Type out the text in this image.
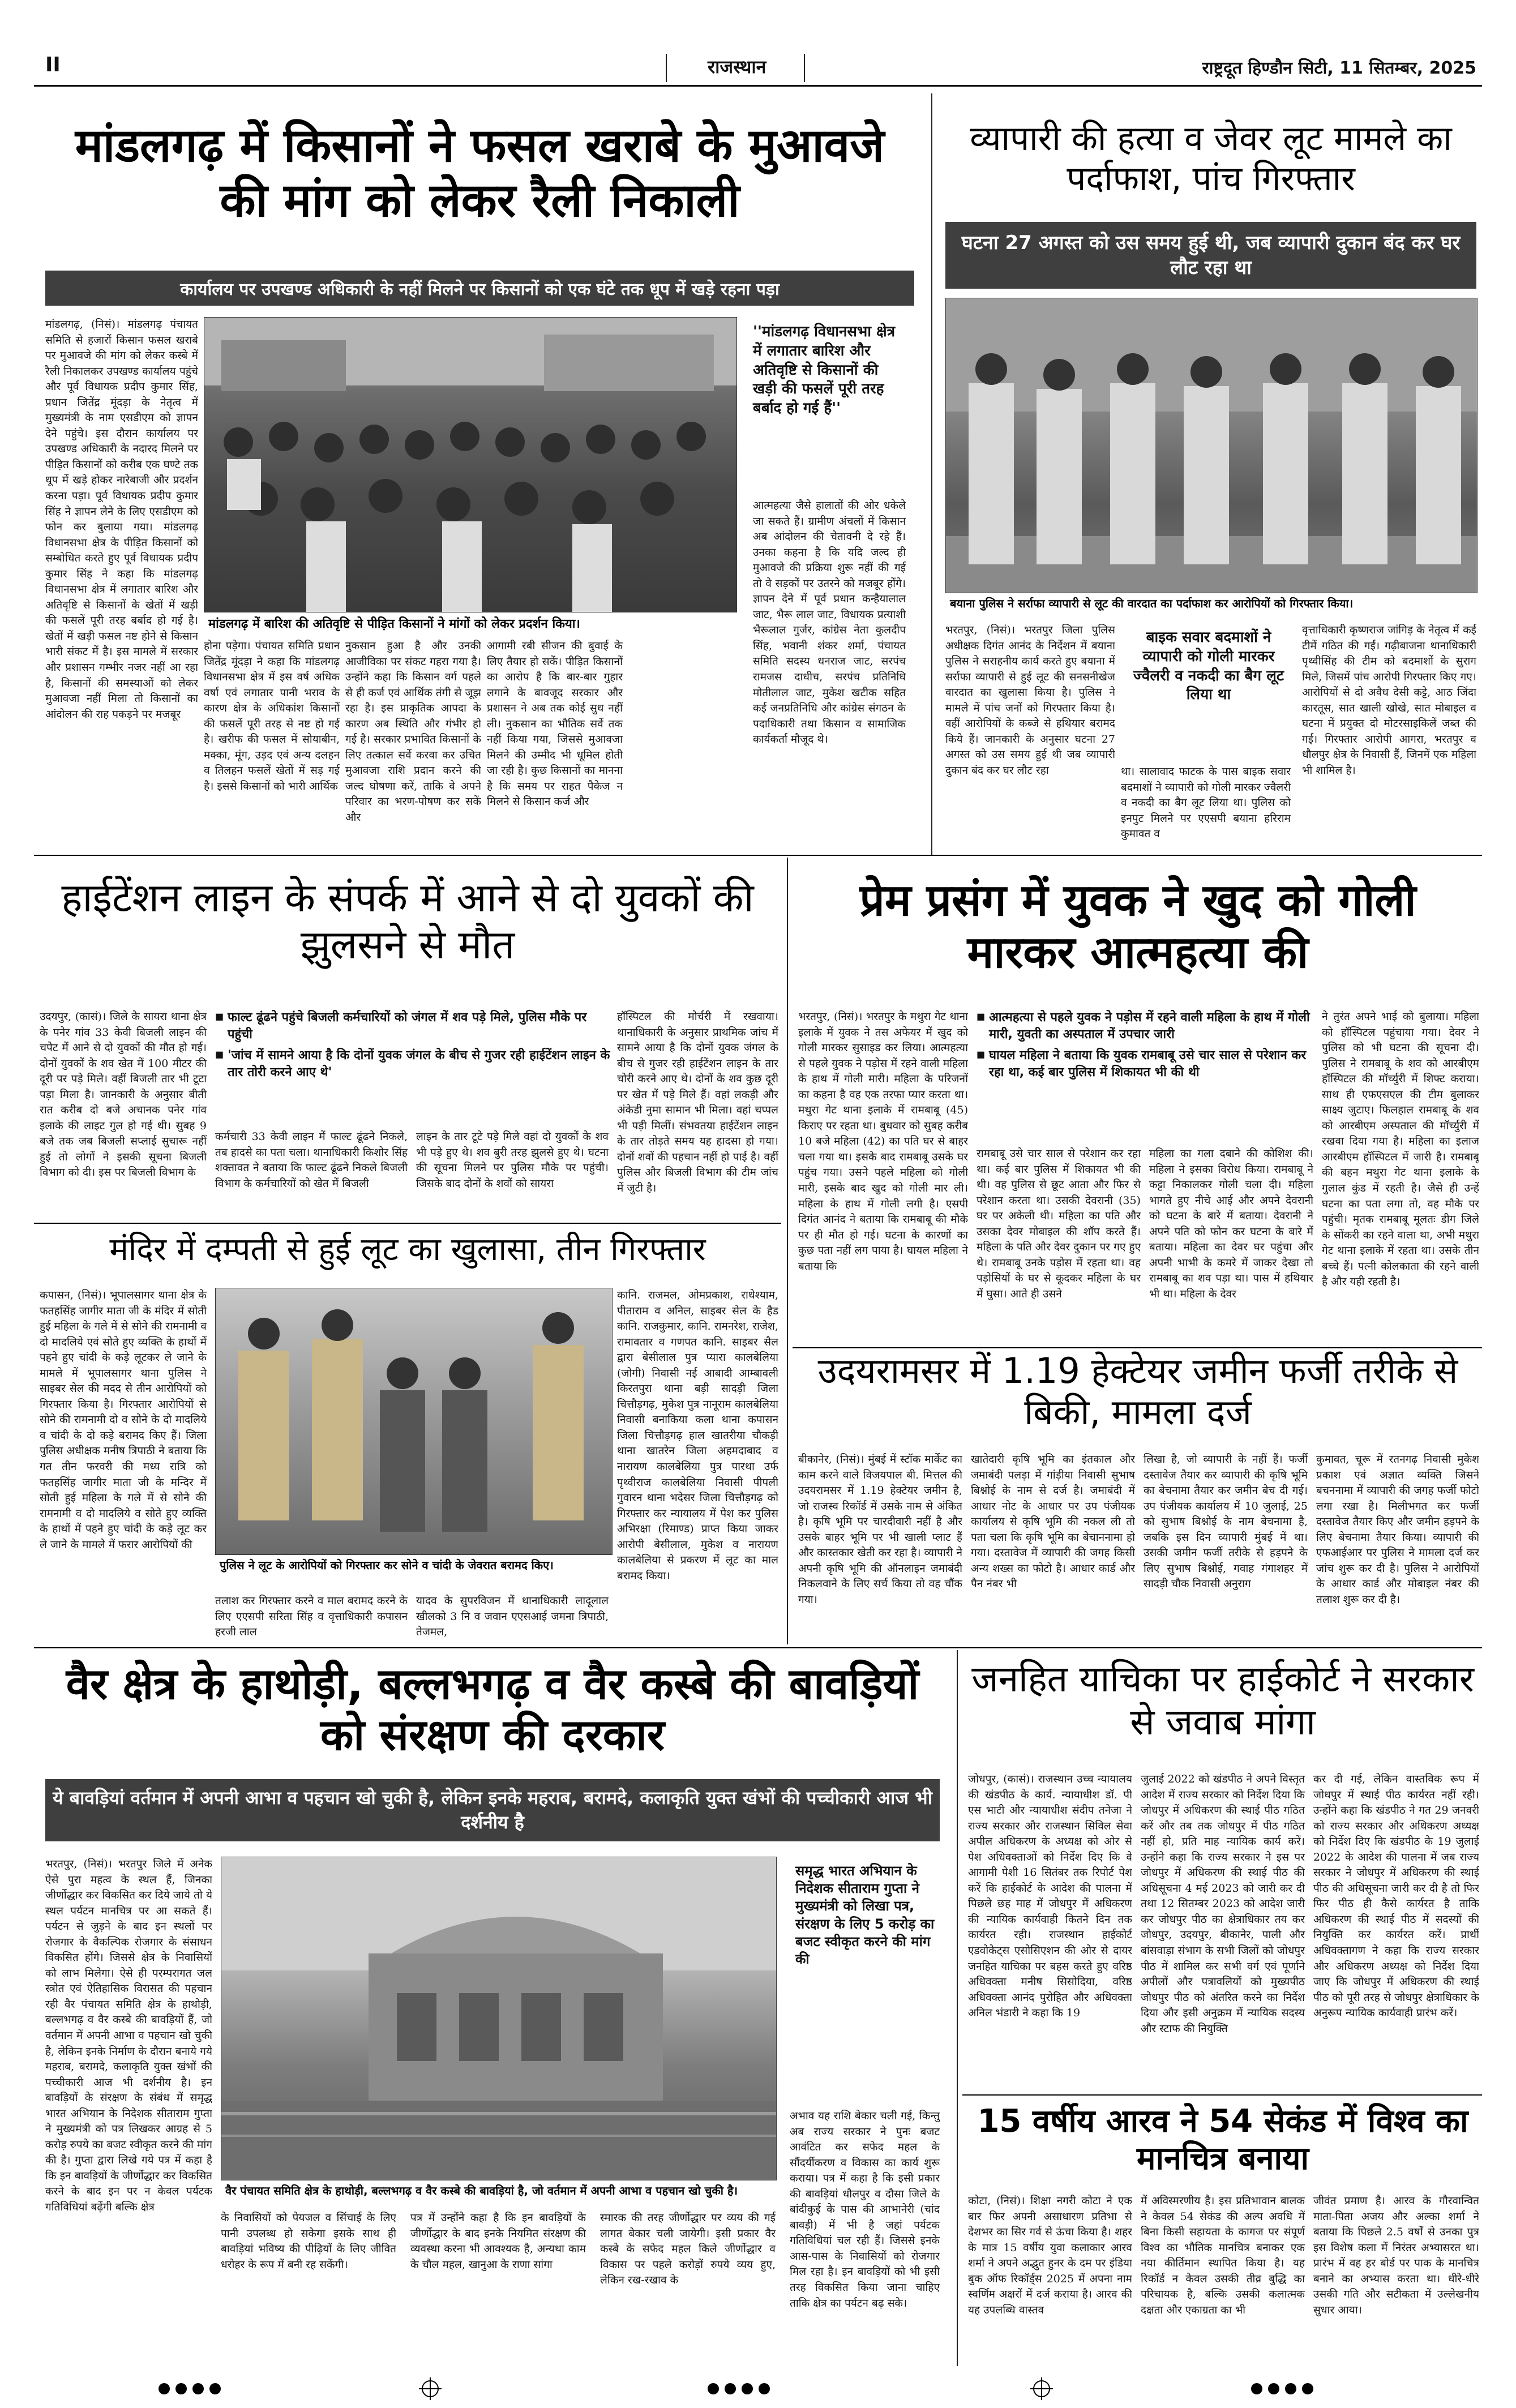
II	राजस्थान	राष्ट्रदूत हिण्डौन सिटी, 11 सितम्बर, 2025
मांडलगढ़ में किसानों ने फसल खराबे के मुआवजे की मांग को लेकर रैली निकाली
कार्यालय पर उपखण्ड अधिकारी के नहीं मिलने पर किसानों को एक घंटे तक धूप में खड़े रहना पड़ा
मांडलगढ़ में बारिश की अतिवृष्टि से पीड़ित किसानों ने मांगों को लेकर प्रदर्शन किया।
''मांडलगढ़ विधानसभा क्षेत्र में लगातार बारिश और अतिवृष्टि से किसानों की खड़ी की फसलें पूरी तरह बर्बाद हो गई हैं''
मांडलगढ़, (निसं)। मांडलगढ़ पंचायत समिति से हजारों किसान फसल खराबे पर मुआवजे की मांग को लेकर कस्बे में रैली निकालकर उपखण्ड कार्यालय पहुंचे और पूर्व विधायक प्रदीप कुमार सिंह, प्रधान जितेंद्र मूंदड़ा के नेतृत्व में मुख्यमंत्री के नाम एसडीएम को ज्ञापन देने पहुंचे। इस दौरान कार्यालय पर उपखण्ड अधिकारी के नदारद मिलने पर पीड़ित किसानों को करीब एक घण्टे तक धूप में खड़े होकर नारेबाजी और प्रदर्शन करना पड़ा। पूर्व विधायक प्रदीप कुमार सिंह ने ज्ञापन लेने के लिए एसडीएम को फोन कर बुलाया गया। मांडलगढ़ विधानसभा क्षेत्र के पीड़ित किसानों को सम्बोधित करते हुए पूर्व विधायक प्रदीप कुमार सिंह ने कहा कि मांडलगढ़ विधानसभा क्षेत्र में लगातार बारिश और अतिवृष्टि से किसानों के खेतों में खड़ी की फसलें पूरी तरह बर्बाद हो गई है। खेतों में खड़ी फसल नष्ट होने से किसान भारी संकट में है। इस मामले में सरकार और प्रशासन गम्भीर नजर नहीं आ रहा है, किसानों की समस्याओं को लेकर मुआवजा नहीं मिला तो किसानों का आंदोलन की राह पकड़ने पर मजबूर
होना पड़ेगा। पंचायत समिति प्रधान जितेंद्र मूंदड़ा ने कहा कि मांडलगढ़ विधानसभा क्षेत्र में इस वर्ष अधिक वर्षा एवं लगातार पानी भराव के कारण क्षेत्र के अधिकांश किसानों की फसलें पूरी तरह से नष्ट हो गई है। खरीफ की फसल में सोयाबीन, मक्का, मूंग, उड़द एवं अन्य दलहन व तिलहन फसलें खेतों में सड़ गई है। इससे किसानों को भारी आर्थिक
नुकसान हुआ है और उनकी आजीविका पर संकट गहरा गया है। उन्होंने कहा कि किसान वर्ग पहले से ही कर्ज एवं आर्थिक तंगी से जूझ रहा है। इस प्राकृतिक आपदा के कारण अब स्थिति और गंभीर हो गई है। सरकार प्रभावित किसानों के लिए तत्काल सर्वे करवा कर उचित मुआवजा राशि प्रदान करने की जल्द घोषणा करें, ताकि वे अपने परिवार का भरण-पोषण कर सकें और
आगामी रबी सीजन की बुवाई के लिए तैयार हो सकें। पीड़ित किसानों का आरोप है कि बार-बार गुहार लगाने के बावजूद सरकार और प्रशासन ने अब तक कोई सुध नहीं ली। नुकसान का भौतिक सर्वे तक नहीं किया गया, जिससे मुआवजा मिलने की उम्मीद भी धूमिल होती जा रही है। कुछ किसानों का मानना है कि समय पर राहत पैकेज न मिलने से किसान कर्ज और
आत्महत्या जैसे हालातों की ओर धकेले जा सकते हैं। ग्रामीण अंचलों में किसान अब आंदोलन की चेतावनी दे रहे हैं। उनका कहना है कि यदि जल्द ही मुआवजे की प्रक्रिया शुरू नहीं की गई तो वे सड़कों पर उतरने को मजबूर होंगे। ज्ञापन देने में पूर्व प्रधान कन्हैयालाल जाट, भैरू लाल जाट, विधायक प्रत्याशी भैरूलाल गुर्जर, कांग्रेस नेता कुलदीप सिंह, भवानी शंकर शर्मा, पंचायत समिति सदस्य धनराज जाट, सरपंच रामजस दाधीच, सरपंच प्रतिनिधि मोतीलाल जाट, मुकेश खटीक सहित कई जनप्रतिनिधि और कांग्रेस संगठन के पदाधिकारी तथा किसान व सामाजिक कार्यकर्ता मौजूद थे।
व्यापारी की हत्या व जेवर लूट मामले का पर्दाफाश, पांच गिरफ्तार
घटना 27 अगस्त को उस समय हुई थी, जब व्यापारी दुकान बंद कर घर लौट रहा था
बयाना पुलिस ने सर्राफा व्यापारी से लूट की वारदात का पर्दाफाश कर आरोपियों को गिरफ्तार किया।
भरतपुर, (निसं)। भरतपुर जिला पुलिस अधीक्षक दिगंत आनंद के निर्देशन में बयाना पुलिस ने सराहनीय कार्य करते हुए बयाना में सर्राफा व्यापारी से हुई लूट की सनसनीखेज वारदात का खुलासा किया है। पुलिस ने मामले में पांच जनों को गिरफ्तार किया है। वहीं आरोपियों के कब्जे से हथियार बरामद किये हैं। जानकारी के अनुसार घटना 27 अगस्त को उस समय हुई थी जब व्यापारी दुकान बंद कर घर लौट रहा
बाइक सवार बदमाशों ने व्यापारी को गोली मारकर ज्वैलरी व नकदी का बैग लूट लिया था
था। सालावाद फाटक के पास बाइक सवार बदमाशों ने व्यापारी को गोली मारकर ज्वैलरी व नकदी का बैग लूट लिया था। पुलिस को इनपुट मिलने पर एएसपी बयाना हरिराम कुमावत व
वृत्ताधिकारी कृष्णराज जांगिड़ के नेतृत्व में कई टीमें गठित की गईं। गढ़ीबाजना थानाधिकारी पृथ्वीसिंह की टीम को बदमाशों के सुराग मिले, जिसमें पांच आरोपी गिरफ्तार किए गए। आरोपियों से दो अवैध देसी कट्टे, आठ जिंदा कारतूस, सात खाली खोखे, सात मोबाइल व घटना में प्रयुक्त दो मोटरसाइकिलें जब्त की गई। गिरफ्तार आरोपी आगरा, भरतपुर व धौलपुर क्षेत्र के निवासी हैं, जिनमें एक महिला भी शामिल है।
हाईटेंशन लाइन के संपर्क में आने से दो युवकों की झुलसने से मौत

■ फाल्ट ढूंढने पहुंचे बिजली कर्मचारियों को जंगल में शव पड़े मिले, पुलिस मौके पर पहुंची

■ 'जांच में सामने आया है कि दोनों युवक जंगल के बीच से गुजर रही हाईटेंशन लाइन के तार तोरी करने आए थे'

उदयपुर, (कासं)। जिले के सायरा थाना क्षेत्र के पनेर गांव 33 केवी बिजली लाइन की चपेट में आने से दो युवकों की मौत हो गई। दोनों युवकों के शव खेत में 100 मीटर की दूरी पर पड़े मिले। वहीं बिजली तार भी टूटा पड़ा मिला है। जानकारी के अनुसार बीती रात करीब दो बजे अचानक पनेर गांव इलाके की लाइट गुल हो गई थी। सुबह 9 बजे तक जब बिजली सप्लाई सुचारू नहीं हुई तो लोगों ने इसकी सूचना बिजली विभाग को दी। इस पर बिजली विभाग के
कर्मचारी 33 केवी लाइन में फाल्ट ढूंढने निकले, तब हादसे का पता चला। थानाधिकारी किशोर सिंह शक्तावत ने बताया कि फाल्ट ढूंढने निकले बिजली विभाग के कर्मचारियों को खेत में बिजली
लाइन के तार टूटे पड़े मिले वहां दो युवकों के शव भी पड़े हुए थे। शव बुरी तरह झुलसे हुए थे। घटना की सूचना मिलने पर पुलिस मौके पर पहुंची। जिसके बाद दोनों के शवों को सायरा
हॉस्पिटल की मोर्चरी में रखवाया। थानाधिकारी के अनुसार प्राथमिक जांच में सामने आया है कि दोनों युवक जंगल के बीच से गुजर रही हाईटेंशन लाइन के तार चोरी करने आए थे। दोनों के शव कुछ दूरी पर खेत में पड़े मिले हैं। वहां लकड़ी और अंकेडी नुमा सामान भी मिला। वहां चप्पल भी पड़ी मिलीं। संभवतया हाईटेंशन लाइन के तार तोड़ते समय यह हादसा हो गया। दोनों शवों की पहचान नहीं हो पाई है। वहीं पुलिस और बिजली विभाग की टीम जांच में जुटी है।
मंदिर में दम्पती से हुई लूट का खुलासा, तीन गिरफ्तार
पुलिस ने लूट के आरोपियों को गिरफ्तार कर सोने व चांदी के जेवरात बरामद किए।
कपासन, (निसं)। भूपालसागर थाना क्षेत्र के फतहसिंह जागीर माता जी के मंदिर में सोती हुई महिला के गले में से सोने की रामनामी व दो मादलिये एवं सोते हुए व्यक्ति के हाथों में पहने हुए चांदी के कड़े लूटकर ले जाने के मामले में भूपालसागर थाना पुलिस ने साइबर सेल की मदद से तीन आरोपियों को गिरफ्तार किया है। गिरफ्तार आरोपियों से सोने की रामनामी दो व सोने के दो मादलिये व चांदी के दो कड़े बरामद किए हैं। जिला पुलिस अधीक्षक मनीष त्रिपाठी ने बताया कि गत तीन फरवरी की मध्य रात्रि को फतहसिंह जागीर माता जी के मन्दिर में सोती हुई महिला के गले में से सोने की रामनामी व दो मादलिये व सोते हुए व्यक्ति के हाथों में पहने हुए चांदी के कड़े लूट कर ले जाने के मामले में फरार आरोपियों की
तलाश कर गिरफ्तार करने व माल बरामद करने के लिए एएसपी सरिता सिंह व वृत्ताधिकारी कपासन हरजी लाल
यादव के सुपरविजन में थानाधिकारी लादूलाल खीलको 3 नि व जवान एएसआई जमना त्रिपाठी, तेजमल,
कानि. राजमल, ओमप्रकाश, राधेश्याम, पीताराम व अनिल, साइबर सेल के हैड कानि. राजकुमार, कानि. रामनरेश, राजेश, रामावतार व गणपत कानि. साइबर सैल द्वारा बेसीलाल पुत्र प्यारा कालबेलिया (जोगी) निवासी नई आबादी आम्बावली किरतपुरा थाना बड़ी सादड़ी जिला चित्तौड़गढ़, मुकेश पुत्र नानूराम कालबेलिया निवासी बनाकिया कला थाना कपासन जिला चित्तौड़गढ़ हाल खातरीया चौकड़ी थाना खातरेन जिला अहमदाबाद व नारायण कालबेलिया पुत्र पारथा उर्फ पृथ्वीराज कालबेलिया निवासी पीपली गुवारन थाना भदेसर जिला चित्तौड़गढ़ को गिरफ्तार कर न्यायालय में पेश कर पुलिस अभिरक्षा (रिमाण्ड) प्राप्त किया जाकर आरोपी बेसीलाल, मुकेश व नारायण कालबेलिया से प्रकरण में लूट का माल बरामद किया।
प्रेम प्रसंग में युवक ने खुद को गोली मारकर आत्महत्या की

■ आत्महत्या से पहले युवक ने पड़ोस में रहने वाली महिला के हाथ में गोली मारी, युवती का अस्पताल में उपचार जारी

■ घायल महिला ने बताया कि युवक रामबाबू उसे चार साल से परेशान कर रहा था, कई बार पुलिस में शिकायत भी की थी

भरतपुर, (निसं)। भरतपुर के मथुरा गेट थाना इलाके में युवक ने तस अफेयर में खुद को गोली मारकर सुसाइड कर लिया। आत्महत्या से पहले युवक ने पड़ोस में रहने वाली महिला के हाथ में गोली मारी। महिला के परिजनों का कहना है वह एक तरफा प्यार करता था। मथुरा गेट थाना इलाके में रामबाबू (45) किराए पर रहता था। बुधवार को सुबह करीब 10 बजे महिला (42) का पति घर से बाहर चला गया था। इसके बाद रामबाबू उसके घर पहुंच गया। उसने पहले महिला को गोली मारी, इसके बाद खुद को गोली मार ली। महिला के हाथ में गोली लगी है। एसपी दिगंत आनंद ने बताया कि रामबाबू की मौके पर ही मौत हो गई। घटना के कारणों का कुछ पता नहीं लग पाया है। घायल महिला ने बताया कि
रामबाबू उसे चार साल से परेशान कर रहा था। कई बार पुलिस में शिकायत भी की थी। वह पुलिस से छूट आता और फिर से परेशान करता था। उसकी देवरानी (35) घर पर अकेली थी। महिला का पति और उसका देवर मोबाइल की शॉप करते हैं। महिला के पति और देवर दुकान पर गए हुए थे। रामबाबू उनके पड़ोस में रहता था। वह पड़ोसियों के घर से कूदकर महिला के घर में घुसा। आते ही उसने
महिला का गला दबाने की कोशिश की। महिला ने इसका विरोध किया। रामबाबू ने कट्टा निकालकर गोली चला दी। महिला भागते हुए नीचे आई और अपने देवरानी को घटना के बारे में बताया। देवरानी ने अपने पति को फोन कर घटना के बारे में बताया। महिला का देवर घर पहुंचा और अपनी भाभी के कमरे में जाकर देखा तो रामबाबू का शव पड़ा था। पास में हथियार भी था। महिला के देवर
ने तुरंत अपने भाई को बुलाया। महिला को हॉस्पिटल पहुंचाया गया। देवर ने पुलिस को भी घटना की सूचना दी। पुलिस ने रामबाबू के शव को आरबीएम हॉस्पिटल की मॉर्च्युरी में शिफ्ट कराया। साथ ही एफएसएल की टीम बुलाकर साक्ष्य जुटाए। फिलहाल रामबाबू के शव को आरबीएम अस्पताल की मॉर्च्युरी में रखवा दिया गया है। महिला का इलाज आरबीएम हॉस्पिटल में जारी है। रामबाबू की बहन मथुरा गेट थाना इलाके के गुलाल कुंड में रहती है। जैसे ही उन्हें घटना का पता लगा तो, वह मौके पर पहुंची। मृतक रामबाबू मूलतः डीग जिले के सोंकरी का रहने वाला था, अभी मथुरा गेट थाना इलाके में रहता था। उसके तीन बच्चे हैं। पत्नी कोलकाता की रहने वाली है और यही रहती है।
उदयरामसर में 1.19 हेक्टेयर जमीन फर्जी तरीके से बिकी, मामला दर्ज
बीकानेर, (निसं)। मुंबई में स्टॉक मार्केट का काम करने वाले विजयपाल बी. मित्तल की उदयरामसर में 1.19 हेक्टेयर जमीन है, जो राजस्व रिकॉर्ड में उसके नाम से अंकित है। कृषि भूमि पर चारदीवारी नहीं है और उसके बाहर भूमि पर भी खाली प्लाट हैं और कास्तकार खेती कर रहा है। व्यापारी ने अपनी कृषि भूमि की ऑनलाइन जमाबंदी निकलवाने के लिए सर्च किया तो वह चौंक गया।
खातेदारी कृषि भूमि का इंतकाल और जमाबंदी पलड़ा में गांड़ीया निवासी सुभाष बिश्नोई के नाम से दर्ज है। जमाबंदी में आधार नोट के आधार पर उप पंजीयक कार्यालय से कृषि भूमि की नकल ली तो पता चला कि कृषि भूमि का बेचाननामा हो गया। दस्तावेज में व्यापारी की जगह किसी अन्य शख्स का फोटो है। आधार कार्ड और पैन नंबर भी
लिखा है, जो व्यापारी के नहीं हैं। फर्जी दस्तावेज तैयार कर व्यापारी की कृषि भूमि का बेचनामा तैयार कर जमीन बेच दी गई। उप पंजीयक कार्यालय में 10 जुलाई, 25 को सुभाष बिश्नोई के नाम बेचनामा है, जबकि इस दिन व्यापारी मुंबई में था। उसकी जमीन फर्जी तरीके से हड़पने के लिए सुभाष बिश्नोई, गवाह गंगाशहर में सादड़ी चौक निवासी अनुराग
कुमावत, चूरू में रतनगढ़ निवासी मुकेश प्रकाश एवं अज्ञात व्यक्ति जिसने बचननामा में व्यापारी की जगह फर्जी फोटो लगा रखा है। मिलीभगत कर फर्जी दस्तावेज तैयार किए और जमीन हड़पने के लिए बेचनामा तैयार किया। व्यापारी की एफआईआर पर पुलिस ने मामला दर्ज कर जांच शुरू कर दी है। पुलिस ने आरोपियों के आधार कार्ड और मोबाइल नंबर की तलाश शुरू कर दी है।
वैर क्षेत्र के हाथोड़ी, बल्लभगढ़ व वैर कस्बे की बावड़ियों को संरक्षण की दरकार
ये बावड़ियां वर्तमान में अपनी आभा व पहचान खो चुकी है, लेकिन इनके महराब, बरामदे, कलाकृति युक्त खंभों की पच्चीकारी आज भी दर्शनीय है
वैर पंचायत समिति क्षेत्र के हाथोड़ी, बल्लभगढ़ व वैर कस्बे की बावड़ियां है, जो वर्तमान में अपनी आभा व पहचान खो चुकी है।
समृद्ध भारत अभियान के निदेशक सीताराम गुप्ता ने मुख्यमंत्री को लिखा पत्र, संरक्षण के लिए 5 करोड़ का बजट स्वीकृत करने की मांग की
भरतपुर, (निसं)। भरतपुर जिले में अनेक ऐसे पुरा महत्व के स्थल हैं, जिनका जीर्णोद्धार कर विकसित कर दिये जाये तो ये स्थल पर्यटन मानचित्र पर आ सकते हैं। पर्यटन से जुड़ने के बाद इन स्थलों पर रोजगार के वैकल्पिक रोजगार के संसाधन विकसित होंगे। जिससे क्षेत्र के निवासियों को लाभ मिलेगा। ऐसे ही परम्परागत जल स्त्रोत एवं ऐतिहासिक विरासत की पहचान रही वैर पंचायत समिति क्षेत्र के हाथोड़ी, बल्लभगढ़ व वैर कस्बे की बावड़ियों हैं, जो वर्तमान में अपनी आभा व पहचान खो चुकी है, लेकिन इनके निर्माण के दौरान बनाये गये महराब, बरामदे, कलाकृति युक्त खंभों की पच्चीकारी आज भी दर्शनीय है। इन बावड़ियों के संरक्षण के संबंध में समृद्ध भारत अभियान के निदेशक सीताराम गुप्ता ने मुख्यमंत्री को पत्र लिखकर आग्रह से 5 करोड़ रुपये का बजट स्वीकृत करने की मांग की है। गुप्ता द्वारा लिखे गये पत्र में कहा है कि इन बावड़ियों के जीर्णोद्धार कर विकसित करने के बाद इन पर न केवल पर्यटक गतिविधियां बढ़ेंगी बल्कि क्षेत्र
के निवासियों को पेयजल व सिंचाई के लिए पानी उपलब्ध हो सकेगा इसके साथ ही बावड़ियां भविष्य की पीढ़ियों के लिए जीवित धरोहर के रूप में बनी रह सकेंगी।
पत्र में उन्होंने कहा है कि इन बावड़ियों के जीर्णोद्धार के बाद इनके नियमित संरक्षण की व्यवस्था करना भी आवश्यक है, अन्यथा काम के चौल महल, खानुआ के राणा सांगा
स्मारक की तरह जीर्णोद्धार पर व्यय की गई लागत बेकार चली जायेगी। इसी प्रकार वैर कस्बे के सफेद महल किले जीर्णोद्धार व विकास पर पहले करोड़ों रुपये व्यय हुए, लेकिन रख-रखाव के
अभाव यह राशि बेकार चली गई, किन्तु अब राज्य सरकार ने पुनः बजट आवंटित कर सफेद महल के सौंदर्यीकरण व विकास का कार्य शुरू कराया। पत्र में कहा है कि इसी प्रकार की बावड़ियां धौलपुर व दौसा जिले के बांदीकुई के पास की आभानेरी (चांद बावड़ी) में भी है जहां पर्यटक गतिविधियां चल रही हैं। जिससे इनके आस-पास के निवासियों को रोजगार मिल रहा है। इन बावड़ियों को भी इसी तरह विकसित किया जाना चाहिए ताकि क्षेत्र का पर्यटन बढ़ सके।
जनहित याचिका पर हाईकोर्ट ने सरकार से जवाब मांगा
जोधपुर, (कासं)। राजस्थान उच्च न्यायालय की खंडपीठ के कार्य. न्यायाधीश डॉ. पी एस भाटी और न्यायाधीश संदीप तनेजा ने राज्य सरकार और राजस्थान सिविल सेवा अपील अधिकरण के अध्यक्ष को ओर से पेश अधिवक्ताओं को निर्देश दिए कि वे आगामी पेशी 16 सितंबर तक रिपोर्ट पेश करें कि हाईकोर्ट के आदेश की पालना में पिछले छह माह में जोधपुर में अधिकरण की न्यायिक कार्यवाही कितने दिन तक कार्यरत रही। राजस्थान हाईकोर्ट एडवोकेट्स एसोसिएशन की ओर से दायर जनहित याचिका पर बहस करते हुए वरिष्ठ अधिवक्ता मनीष सिसोदिया, वरिष्ठ अधिवक्ता आनंद पुरोहित और अधिवक्ता अनिल भंडारी ने कहा कि 19
जुलाई 2022 को खंडपीठ ने अपने विस्तृत आदेश में राज्य सरकार को निर्देश दिया कि जोधपुर में अधिकरण की स्थाई पीठ गठित करें और तब तक जोधपुर में पीठ गठित नहीं हो, प्रति माह न्यायिक कार्य करें। उन्होंने कहा कि राज्य सरकार ने इस पर जोधपुर में अधिकरण की स्थाई पीठ की अधिसूचना 4 मई 2023 को जारी कर दी तथा 12 सितम्बर 2023 को आदेश जारी कर जोधपुर पीठ का क्षेत्राधिकार तय कर जोधपुर, उदयपुर, बीकानेर, पाली और बांसवाड़ा संभाग के सभी जिलों को जोधपुर पीठ में शामिल कर सभी वर्ग एवं पूर्णाने अपीलों और पत्रावलियों को मुख्यपीठ जोधपुर पीठ को अंतरित करने का निर्देश दिया और इसी अनुक्रम में न्यायिक सदस्य और स्टाफ की नियुक्ति
कर दी गई, लेकिन वास्तविक रूप में जोधपुर में स्थाई पीठ कार्यरत नहीं रही। उन्होंने कहा कि खंडपीठ ने गत 29 जनवरी को राज्य सरकार और अधिकरण अध्यक्ष को निर्देश दिए कि खंडपीठ के 19 जुलाई 2022 के आदेश की पालना में जब राज्य सरकार ने जोधपुर में अधिकरण की स्थाई पीठ की अधिसूचना जारी कर दी है तो फिर फिर पीठ ही कैसे कार्यरत है ताकि अधिकरण की स्थाई पीठ में सदस्यों की नियुक्ति कर कार्यरत करें। प्रार्थी अधिवक्तागण ने कहा कि राज्य सरकार और अधिकरण अध्यक्ष को निर्देश दिया जाए कि जोधपुर में अधिकरण की स्थाई पीठ को पूरी तरह से जोधपुर क्षेत्राधिकार के अनुरूप न्यायिक कार्यवाही प्रारंभ करें।
15 वर्षीय आरव ने 54 सेकंड में विश्व का मानचित्र बनाया
कोटा, (निसं)। शिक्षा नगरी कोटा ने एक बार फिर अपनी असाधारण प्रतिभा से देशभर का सिर गर्व से ऊंचा किया है। शहर के मात्र 15 वर्षीय युवा कलाकार आरव शर्मा ने अपने अद्भुत हुनर के दम पर इंडिया बुक ऑफ रिकॉर्ड्स 2025 में अपना नाम स्वर्णिम अक्षरों में दर्ज कराया है। आरव की यह उपलब्धि वास्तव
में अविस्मरणीय है। इस प्रतिभावान बालक ने केवल 54 सेकंड की अल्प अवधि में बिना किसी सहायता के कागज पर संपूर्ण विश्व का भौतिक मानचित्र बनाकर एक नया कीर्तिमान स्थापित किया है। यह रिकॉर्ड न केवल उसकी तीव्र बुद्धि का परिचायक है, बल्कि उसकी कलात्मक दक्षता और एकाग्रता का भी
जीवंत प्रमाण है। आरव के गौरवान्वित माता-पिता अजय और अल्का शर्मा ने बताया कि पिछले 2.5 वर्षों से उनका पुत्र इस विशेष कला में निरंतर अभ्यासरत था। प्रारंभ में वह हर बोर्ड पर पाक के मानचित्र बनाने का अभ्यास करता था। धीरे-धीरे उसकी गति और सटीकता में उल्लेखनीय सुधार आया।
